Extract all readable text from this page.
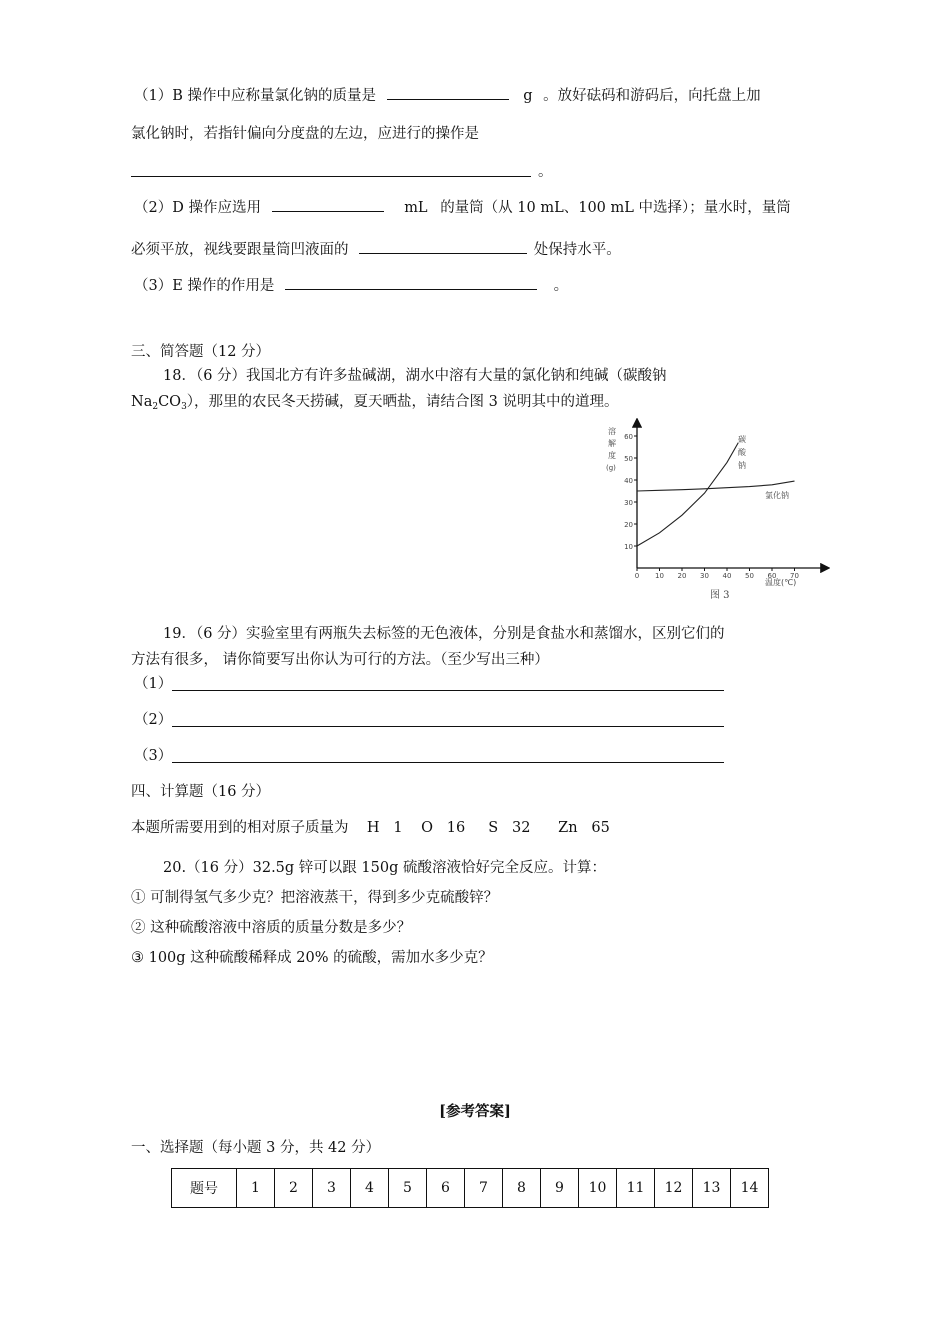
（1）B 操作中应称量氯化钠的质量是	g 。放好砝码和游码后，向托盘上加
氯化钠时，若指针偏向分度盘的左边，应进行的操作是
。
（2）D 操作应选用	mL 的量筒（从 10 mL、100 mL 中选择）；量水时，量筒
必须平放，视线要跟量筒凹液面的	处保持水平。
（3）E 操作的作用是	。
三、简答题（12 分）
18．（6 分）我国北方有许多盐碱湖，湖水中溶有大量的氯化钠和纯碱（碳酸钠
$Na_2CO_3$），那里的农民冬天捞碱，夏天晒盐，请结合图 3 说明其中的道理。
溶
解
度
(g)
0 10 20 30 40 50 60 70
10
20
30
40
50
60
温度(℃)
氯化钠
碳
酸
钠
图 3
19．（6 分）实验室里有两瓶失去标签的无色液体，分别是食盐水和蒸馏水，区别它们的
方法有很多， 请你简要写出你认为可行的方法。（至少写出三种）
（1）
（2）
（3）
四、计算题（16 分）
本题所需要用到的相对原子质量为    H   1    O   16     S   32      Zn   65
20.（16 分）32.5g 锌可以跟 150g 硫酸溶液恰好完全反应。计算：
① 可制得氢气多少克？把溶液蒸干，得到多少克硫酸锌？
② 这种硫酸溶液中溶质的质量分数是多少？
③ 100g 这种硫酸稀释成 20% 的硫酸，需加水多少克？
[参考答案]
一、选择题（每小题 3 分，共 42 分）
题号	1	2	3	4	5	6	7	8	9	10	11	12	13	14
